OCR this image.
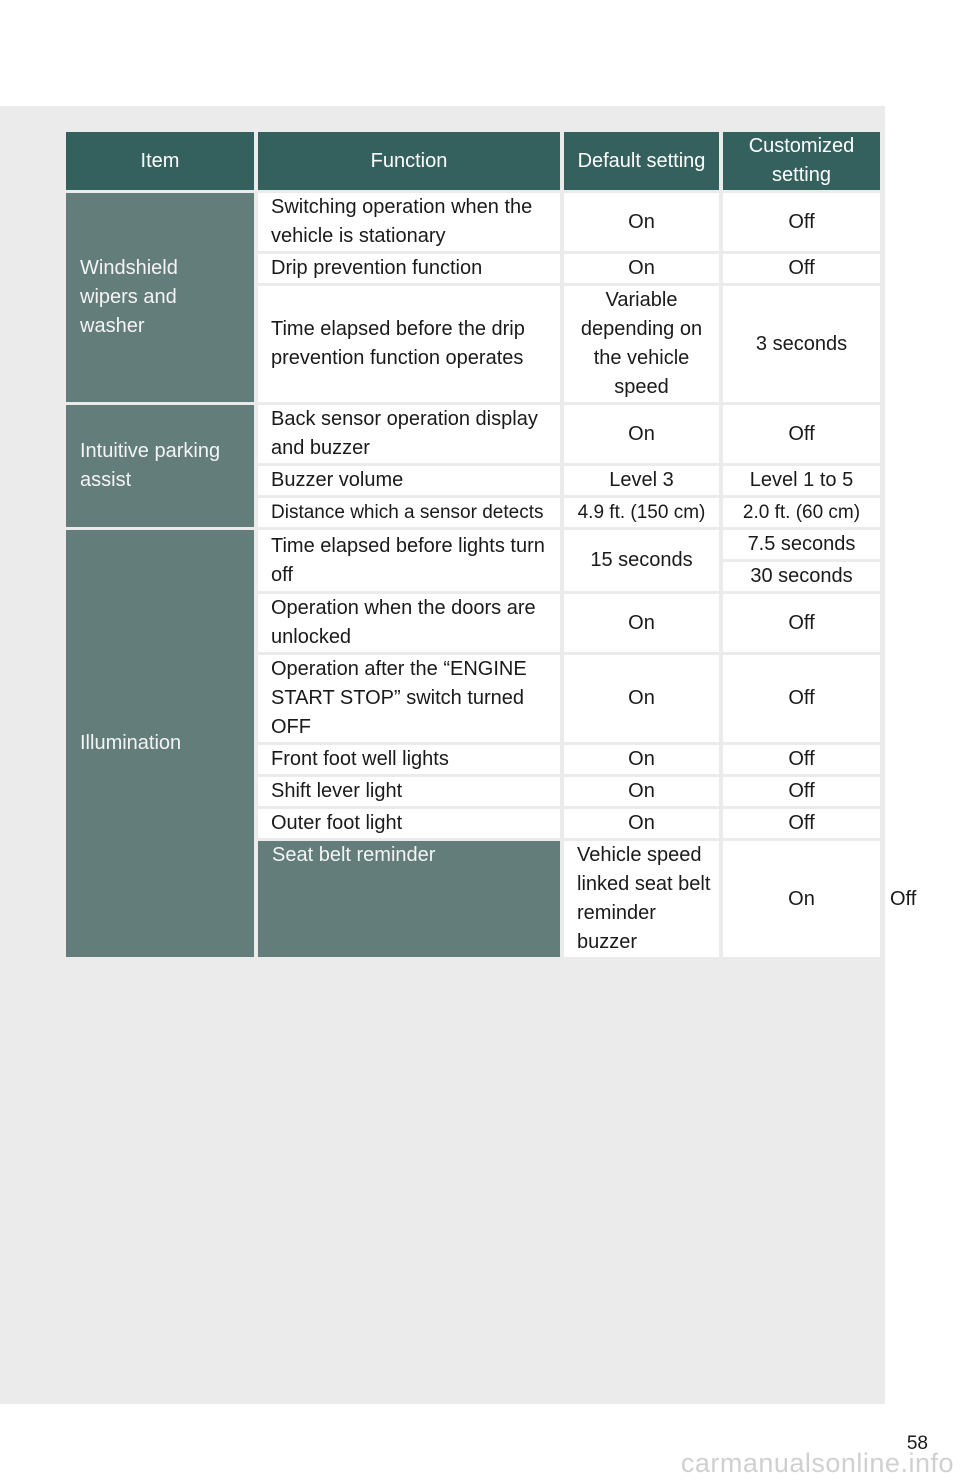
Item	Function	Default setting	Customized setting	
Windshield wipers and washer	Switching operation when the vehicle is stationary	On	Off	
	Drip prevention function	On	Off	
	Time elapsed before the drip prevention function operates	Variable depending on the vehicle speed	3 seconds	
Intuitive parking assist	Back sensor operation display and buzzer	On	Off	
	Buzzer volume	Level 3	Level 1 to 5	
	Distance which a sensor detects	4.9 ft. (150 cm)	2.0 ft. (60 cm)	
Illumination	Time elapsed before lights turn off	15 seconds	7.5 seconds	
			30 seconds	
	Operation when the doors are unlocked	On	Off	
	Operation after the “ENGINE START STOP” switch turned OFF	On	Off	
	Front foot well lights	On	Off	
	Shift lever light	On	Off	
	Outer foot light	On	Off	
	Seat belt reminder	Vehicle speed linked seat belt reminder buzzer	On	Off
58
carmanualsonline.info
